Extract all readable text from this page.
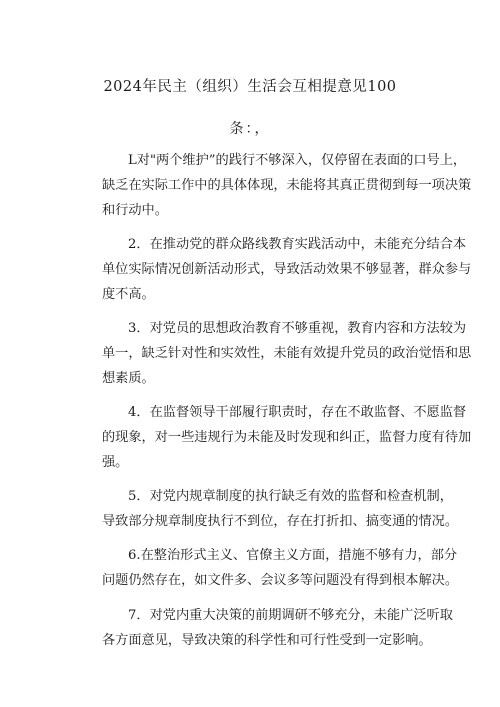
2024年民主（组织）生活会互相提意见100
条：，
L对"两个维护”的践行不够深入，仅停留在表面的口号上，
缺乏在实际工作中的具体体现，未能将其真正贯彻到每一项决策
和行动中。
2．在推动党的群众路线教育实践活动中，未能充分结合本
单位实际情况创新活动形式，导致活动效果不够显著，群众参与
度不高。
3．对党员的思想政治教育不够重视，教育内容和方法较为
单一，缺乏针对性和实效性，未能有效提升党员的政治觉悟和思
想素质。
4．在监督领导干部履行职责时，存在不敢监督、不愿监督
的现象，对一些违规行为未能及时发现和纠正，监督力度有待加
强。
5．对党内规章制度的执行缺乏有效的监督和检查机制，
导致部分规章制度执行不到位，存在打折扣、搞变通的情况。
6.在整治形式主义、官僚主义方面，措施不够有力，部分
问题仍然存在，如文件多、会议多等问题没有得到根本解决。
7．对党内重大决策的前期调研不够充分，未能广泛听取
各方面意见，导致决策的科学性和可行性受到一定影响。
